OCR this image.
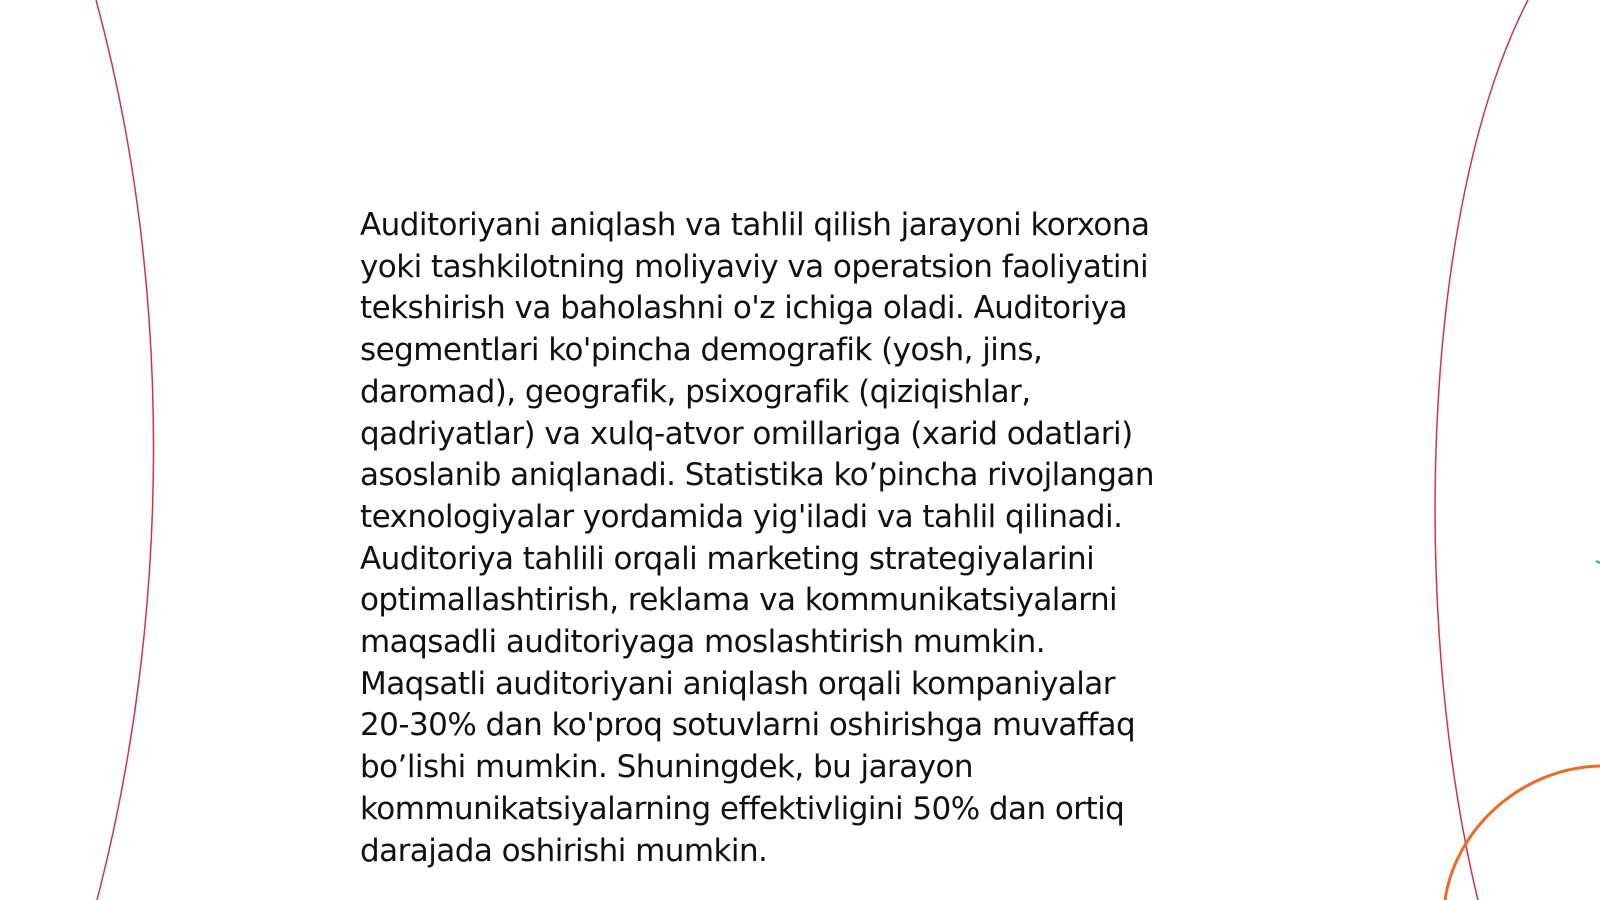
Auditoriyani aniqlash va tahlil qilish jarayoni korxona
yoki tashkilotning moliyaviy va operatsion faoliyatini
tekshirish va baholashni o'z ichiga oladi. Auditoriya
segmentlari ko'pincha demografik (yosh, jins,
daromad), geografik, psixografik (qiziqishlar,
qadriyatlar) va xulq-atvor omillariga (xarid odatlari)
asoslanib aniqlanadi. Statistika ko’pincha rivojlangan
texnologiyalar yordamida yig'iladi va tahlil qilinadi.
Auditoriya tahlili orqali marketing strategiyalarini
optimallashtirish, reklama va kommunikatsiyalarni
maqsadli auditoriyaga moslashtirish mumkin.
Maqsatli auditoriyani aniqlash orqali kompaniyalar
20-30% dan ko'proq sotuvlarni oshirishga muvaffaq
bo’lishi mumkin. Shuningdek, bu jarayon
kommunikatsiyalarning effektivligini 50% dan ortiq
darajada oshirishi mumkin.
